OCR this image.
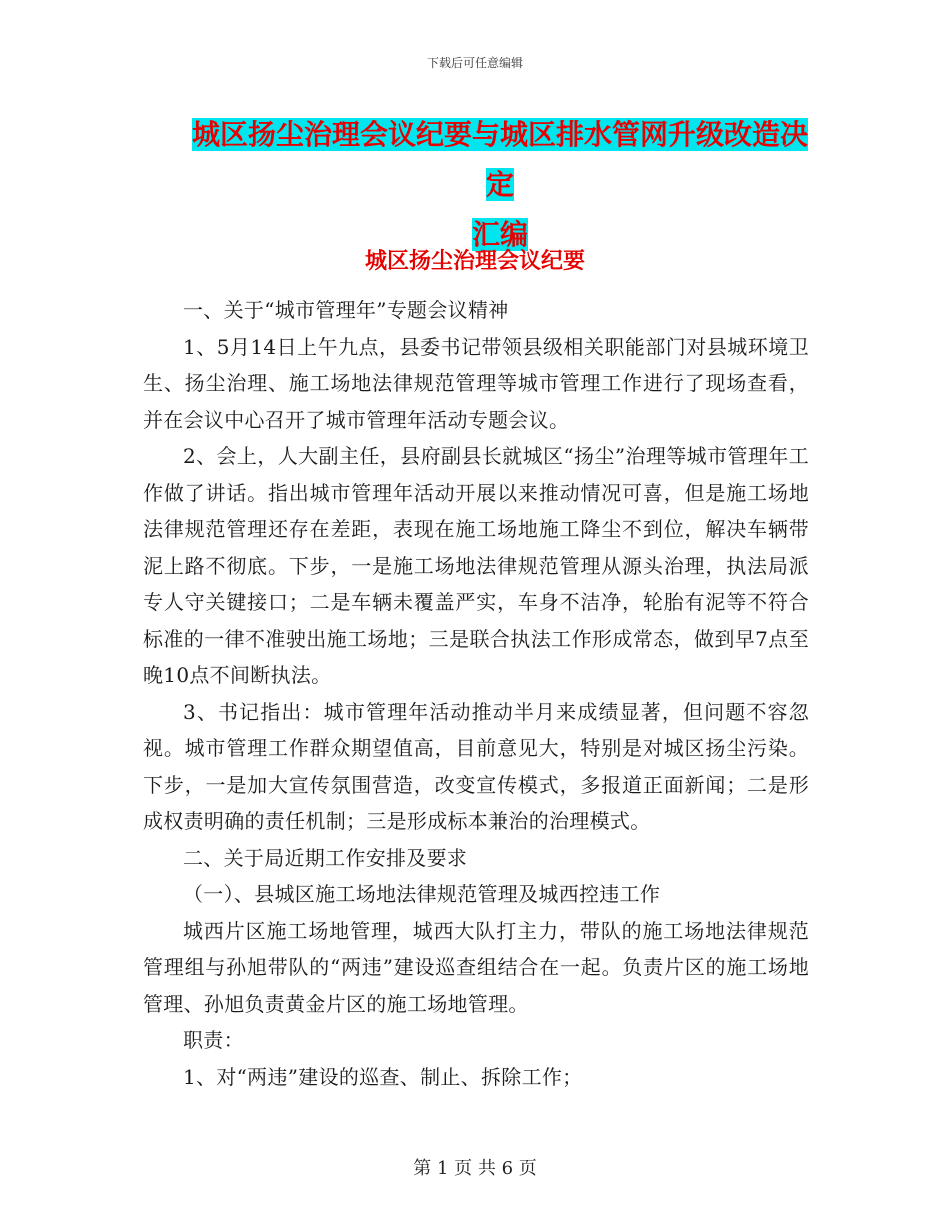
下载后可任意编辑
城区扬尘治理会议纪要与城区排水管网升级改造决定
汇编
城区扬尘治理会议纪要

一、关于“城市管理年”专题会议精神

1、5月14日上午九点，县委书记带领县级相关职能部门对县城环境卫生、扬尘治理、施工场地法律规范管理等城市管理工作进行了现场查看，并在会议中心召开了城市管理年活动专题会议。

2、会上，人大副主任，县府副县长就城区“扬尘”治理等城市管理年工作做了讲话。指出城市管理年活动开展以来推动情况可喜，但是施工场地法律规范管理还存在差距，表现在施工场地施工降尘不到位，解决车辆带泥上路不彻底。下步，一是施工场地法律规范管理从源头治理，执法局派专人守关键接口；二是车辆未覆盖严实，车身不洁净，轮胎有泥等不符合标准的一律不准驶出施工场地；三是联合执法工作形成常态，做到早7点至晚10点不间断执法。

3、书记指出：城市管理年活动推动半月来成绩显著，但问题不容忽视。城市管理工作群众期望值高，目前意见大，特别是对城区扬尘污染。下步，一是加大宣传氛围营造，改变宣传模式，多报道正面新闻；二是形成权责明确的责任机制；三是形成标本兼治的治理模式。

二、关于局近期工作安排及要求

（一）、县城区施工场地法律规范管理及城西控违工作

城西片区施工场地管理，城西大队打主力，带队的施工场地法律规范管理组与孙旭带队的“两违”建设巡查组结合在一起。负责片区的施工场地管理、孙旭负责黄金片区的施工场地管理。

职责：

1、对“两违”建设的巡查、制止、拆除工作；

第 1 页 共 6 页
